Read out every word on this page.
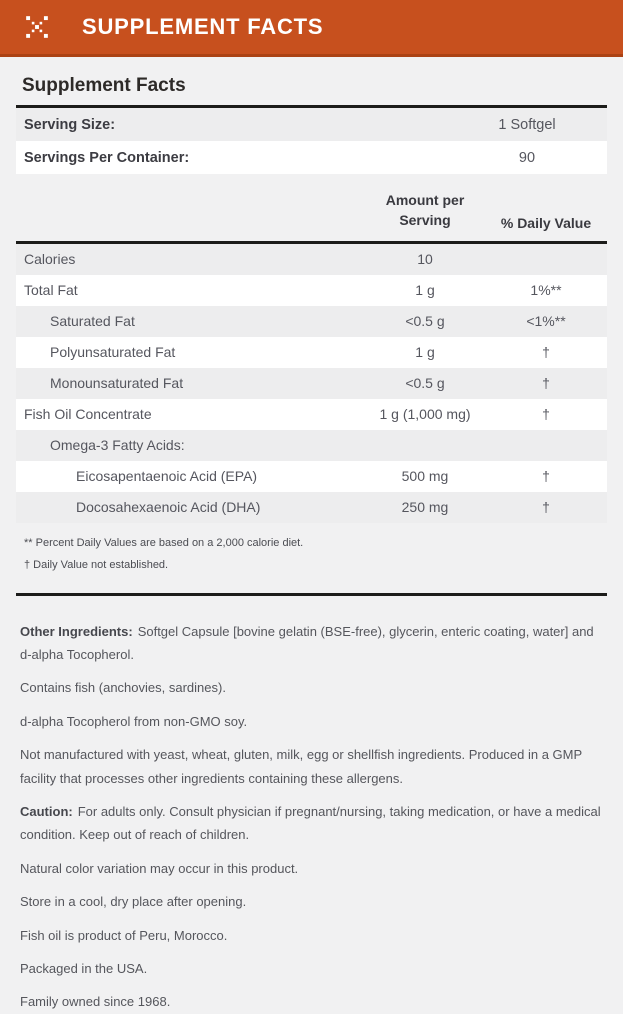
SUPPLEMENT FACTS
Supplement Facts
Serving Size:	1 Softgel
Servings Per Container:	90
Amount per Serving	% Daily Value
Calories	10
Total Fat	1 g	1%**
Saturated Fat	<0.5 g	<1%**
Polyunsaturated Fat	1 g	†
Monounsaturated Fat	<0.5 g	†
Fish Oil Concentrate	1 g (1,000 mg)	†
Omega-3 Fatty Acids:
Eicosapentaenoic Acid (EPA)	500 mg	†
Docosahexaenoic Acid (DHA)	250 mg	†

** Percent Daily Values are based on a 2,000 calorie diet.

† Daily Value not established.

Other Ingredients: Softgel Capsule [bovine gelatin (BSE-free), glycerin, enteric coating, water] and d-alpha Tocopherol.

Contains fish (anchovies, sardines).

d-alpha Tocopherol from non-GMO soy.

Not manufactured with yeast, wheat, gluten, milk, egg or shellfish ingredients. Produced in a GMP facility that processes other ingredients containing these allergens.

Caution: For adults only. Consult physician if pregnant/nursing, taking medication, or have a medical condition. Keep out of reach of children.

Natural color variation may occur in this product.

Store in a cool, dry place after opening.

Fish oil is product of Peru, Morocco.

Packaged in the USA.

Family owned since 1968.
